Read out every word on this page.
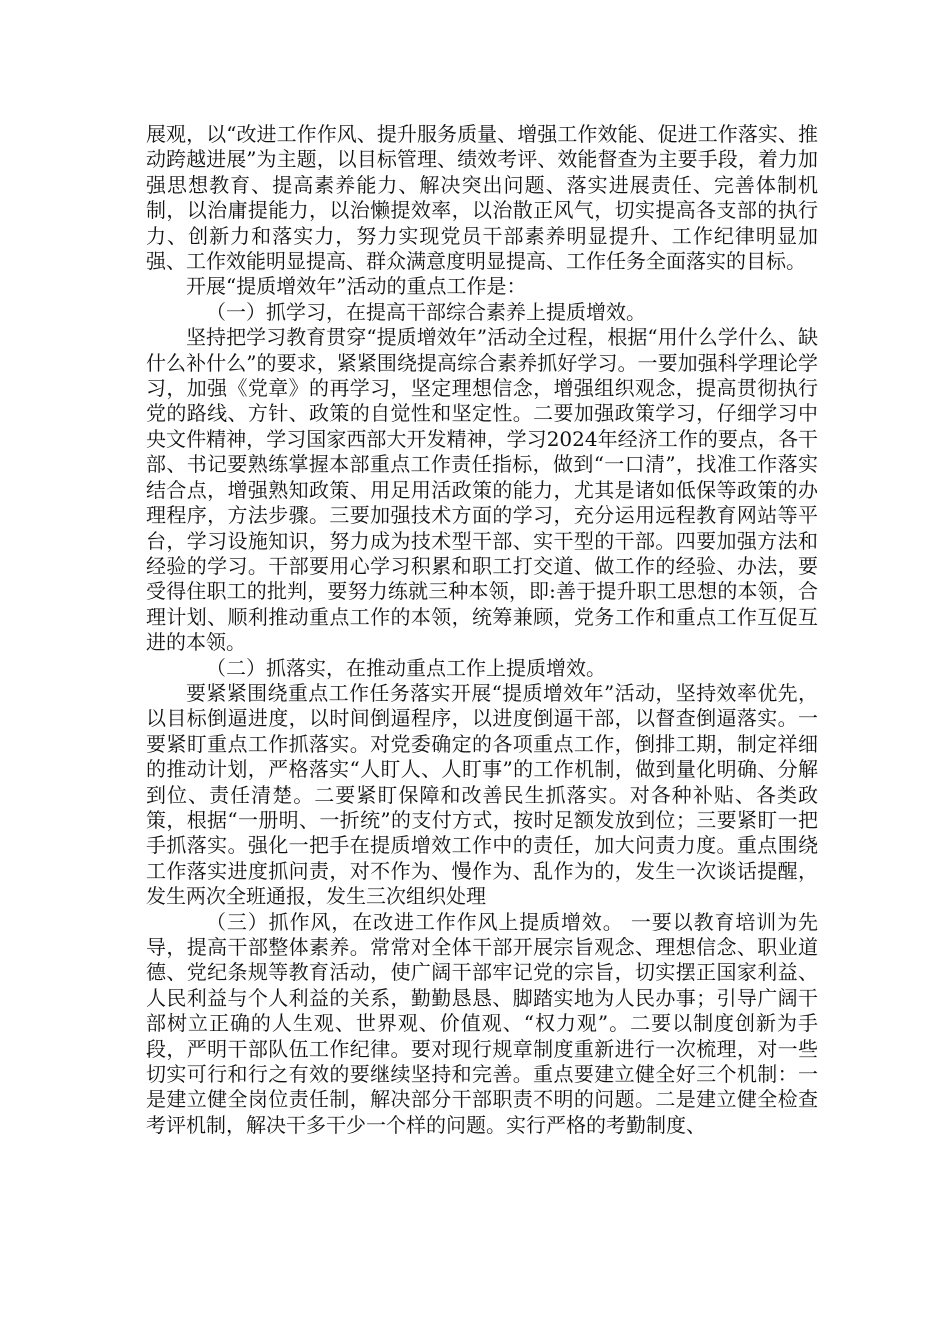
展观，以“改进工作作风、提升服务质量、增强工作效能、促进工作落实、推动跨越进展”为主题，以目标管理、绩效考评、效能督查为主要手段，着力加强思想教育、提高素养能力、解决突出问题、落实进展责任、完善体制机制，以治庸提能力，以治懒提效率，以治散正风气，切实提高各支部的执行力、创新力和落实力，努力实现党员干部素养明显提升、工作纪律明显加强、工作效能明显提高、群众满意度明显提高、工作任务全面落实的目标。

开展“提质增效年”活动的重点工作是：

（一）抓学习，在提高干部综合素养上提质增效。

坚持把学习教育贯穿“提质增效年”活动全过程，根据“用什么学什么、缺什么补什么”的要求，紧紧围绕提高综合素养抓好学习。一要加强科学理论学习，加强《党章》的再学习，坚定理想信念，增强组织观念，提高贯彻执行党的路线、方针、政策的自觉性和坚定性。二要加强政策学习，仔细学习中央文件精神，学习国家西部大开发精神，学习2024年经济工作的要点，各干部、书记要熟练掌握本部重点工作责任指标，做到“一口清”，找准工作落实结合点，增强熟知政策、用足用活政策的能力，尤其是诸如低保等政策的办理程序，方法步骤。三要加强技术方面的学习，充分运用远程教育网站等平台，学习设施知识，努力成为技术型干部、实干型的干部。四要加强方法和经验的学习。干部要用心学习积累和职工打交道、做工作的经验、办法，要受得住职工的批判，要努力练就三种本领，即:善于提升职工思想的本领，合理计划、顺利推动重点工作的本领，统筹兼顾，党务工作和重点工作互促互进的本领。

（二）抓落实，在推动重点工作上提质增效。

要紧紧围绕重点工作任务落实开展“提质增效年”活动，坚持效率优先，以目标倒逼进度，以时间倒逼程序，以进度倒逼干部，以督查倒逼落实。一要紧盯重点工作抓落实。对党委确定的各项重点工作，倒排工期，制定祥细的推动计划，严格落实“人盯人、人盯事”的工作机制，做到量化明确、分解到位、责任清楚。二要紧盯保障和改善民生抓落实。对各种补贴、各类政策，根据“一册明、一折统”的支付方式，按时足额发放到位；三要紧盯一把手抓落实。强化一把手在提质增效工作中的责任，加大问责力度。重点围绕工作落实进度抓问责，对不作为、慢作为、乱作为的，发生一次谈话提醒，发生两次全班通报，发生三次组织处理

（三）抓作风，在改进工作作风上提质增效。 一要以教育培训为先导，提高干部整体素养。常常对全体干部开展宗旨观念、理想信念、职业道德、党纪条规等教育活动，使广阔干部牢记党的宗旨，切实摆正国家利益、人民利益与个人利益的关系，勤勤恳恳、脚踏实地为人民办事；引导广阔干部树立正确的人生观、世界观、价值观、“权力观”。二要以制度创新为手段，严明干部队伍工作纪律。要对现行规章制度重新进行一次梳理，对一些切实可行和行之有效的要继续坚持和完善。重点要建立健全好三个机制：一是建立健全岗位责任制，解决部分干部职责不明的问题。二是建立健全检查考评机制，解决干多干少一个样的问题。实行严格的考勤制度、
